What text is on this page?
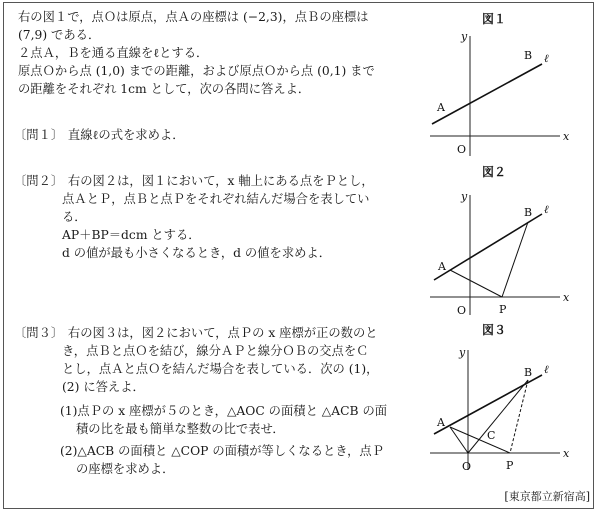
右の図１で，点Ｏは原点，点Ａの座標は (−2,3)，点Ｂの座標は
(7,9) である．
２点Ａ，Ｂを通る直線をℓとする．
原点Ｏから点 (1,0) までの距離，および原点Ｏから点 (0,1) まで
の距離をそれぞれ 1cm として，次の各問に答えよ．
〔問１〕 直線ℓの式を求めよ．
〔問２〕 右の図２は，図１において，x 軸上にある点をＰとし，
点ＡとＰ，点Ｂと点Ｐをそれぞれ結んだ場合を表してい
る．
AP＋BP＝dcm とする．
d の値が最も小さくなるとき，d の値を求めよ．
〔問３〕 右の図３は，図２において，点Ｐの x 座標が正の数のと
き，点Ｂと点Ｏを結び，線分ＡＰと線分ＯＢの交点をＣ
とし，点Ａと点Ｏを結んだ場合を表している．次の (1)，
(2) に答えよ．
(1)点Ｐの x 座標が５のとき，△AOC の面積と △ACB の面
積の比を最も簡単な整数の比で表せ．
(2)△ACB の面積と △COP の面積が等しくなるとき，点Ｐ
の座標を求めよ．
図１
x
y
O
A
B ℓ
図２
x
y
O
A
B
P
ℓ
図３
x
y
O
A
B
P
C
ℓ
[東京都立新宿高]
